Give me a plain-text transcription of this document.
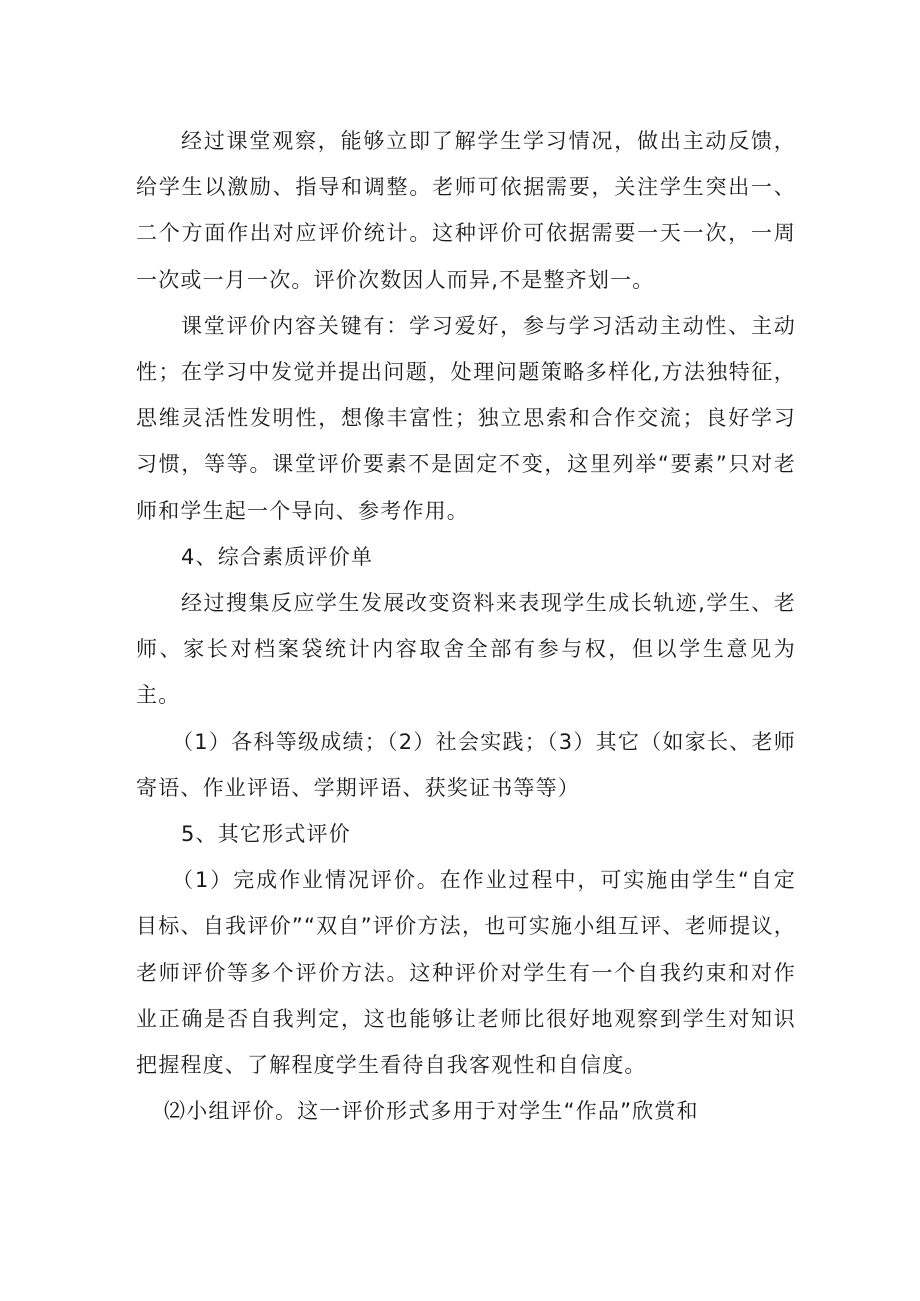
经过课堂观察，能够立即了解学生学习情况，做出主动反馈，给学生以激励、指导和调整。老师可依据需要，关注学生突出一、二个方面作出对应评价统计。这种评价可依据需要一天一次，一周一次或一月一次。评价次数因人而异,不是整齐划一。

课堂评价内容关键有：学习爱好，参与学习活动主动性、主动性；在学习中发觉并提出问题，处理问题策略多样化,方法独特征，思维灵活性发明性，想像丰富性；独立思索和合作交流；良好学习习惯，等等。课堂评价要素不是固定不变，这里列举“要素”只对老师和学生起一个导向、参考作用。

4、综合素质评价单

经过搜集反应学生发展改变资料来表现学生成长轨迹,学生、老师、家长对档案袋统计内容取舍全部有参与权，但以学生意见为主。

（1）各科等级成绩；（2）社会实践；（3）其它（如家长、老师寄语、作业评语、学期评语、获奖证书等等）

5、其它形式评价

（1）完成作业情况评价。在作业过程中，可实施由学生“自定目标、自我评价”“双自”评价方法，也可实施小组互评、老师提议，老师评价等多个评价方法。这种评价对学生有一个自我约束和对作业正确是否自我判定，这也能够让老师比很好地观察到学生对知识把握程度、了解程度学生看待自我客观性和自信度。

⑵小组评价。这一评价形式多用于对学生“作品”欣赏和
